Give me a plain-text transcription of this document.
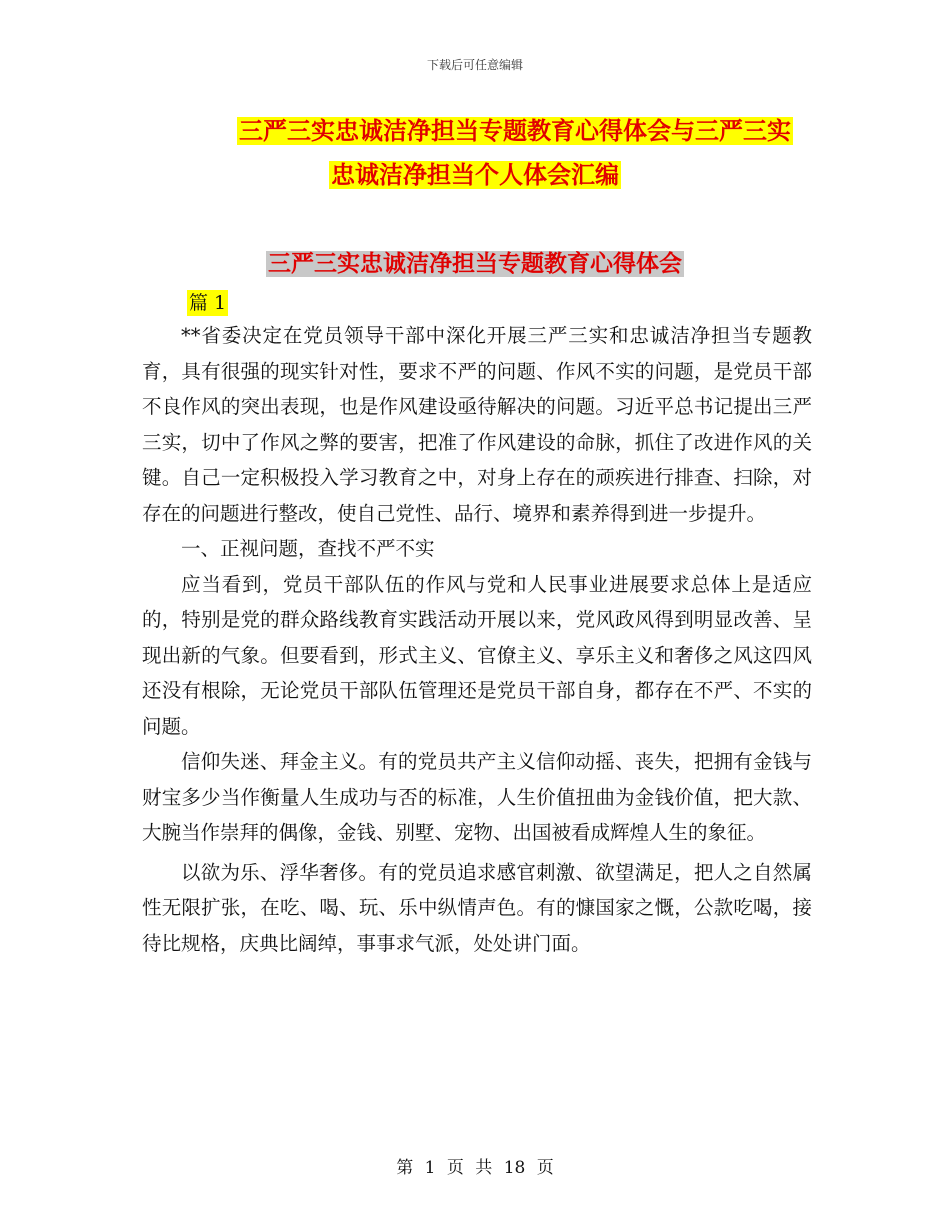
下载后可任意编辑
三严三实忠诚洁净担当专题教育心得体会与三严三实
忠诚洁净担当个人体会汇编
三严三实忠诚洁净担当专题教育心得体会
篇 1

**省委决定在党员领导干部中深化开展三严三实和忠诚洁净担当专题教育，具有很强的现实针对性，要求不严的问题、作风不实的问题，是党员干部不良作风的突出表现，也是作风建设亟待解决的问题。习近平总书记提出三严三实，切中了作风之弊的要害，把准了作风建设的命脉，抓住了改进作风的关键。自己一定积极投入学习教育之中，对身上存在的顽疾进行排查、扫除，对存在的问题进行整改，使自己党性、品行、境界和素养得到进一步提升。

一、正视问题，查找不严不实

应当看到，党员干部队伍的作风与党和人民事业进展要求总体上是适应的，特别是党的群众路线教育实践活动开展以来，党风政风得到明显改善、呈现出新的气象。但要看到，形式主义、官僚主义、享乐主义和奢侈之风这四风还没有根除，无论党员干部队伍管理还是党员干部自身，都存在不严、不实的问题。

信仰失迷、拜金主义。有的党员共产主义信仰动摇、丧失，把拥有金钱与财宝多少当作衡量人生成功与否的标准，人生价值扭曲为金钱价值，把大款、大腕当作崇拜的偶像，金钱、别墅、宠物、出国被看成辉煌人生的象征。

以欲为乐、浮华奢侈。有的党员追求感官刺激、欲望满足，把人之自然属性无限扩张，在吃、喝、玩、乐中纵情声色。有的慷国家之慨，公款吃喝，接待比规格，庆典比阔绰，事事求气派，处处讲门面。

第 1 页 共 18 页
